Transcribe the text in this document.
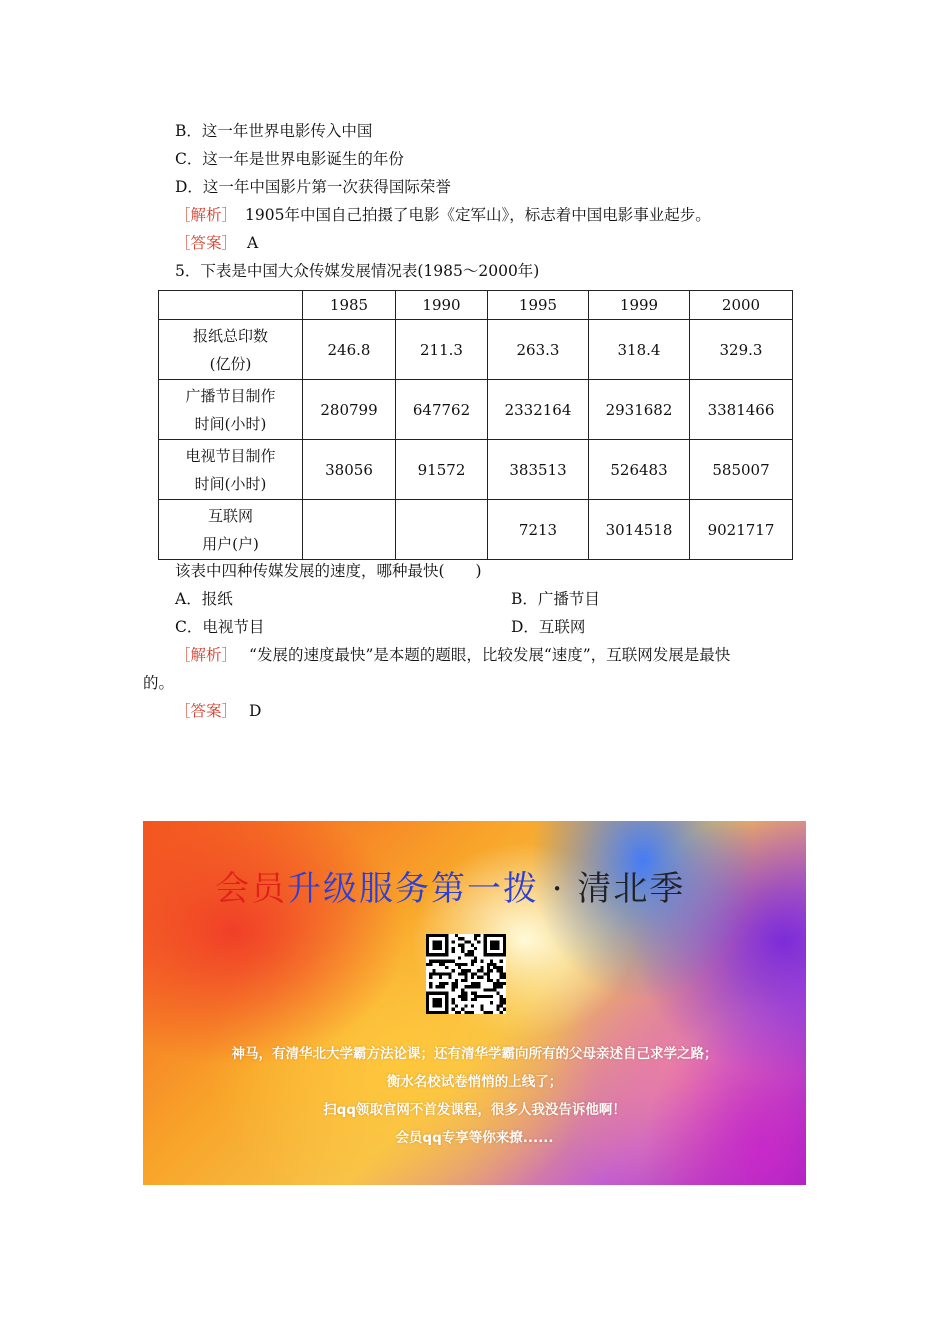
B．这一年世界电影传入中国
C．这一年是世界电影诞生的年份
D．这一年中国影片第一次获得国际荣誉
［解析］ 1905年中国自己拍摄了电影《定军山》，标志着中国电影事业起步。
［答案］ A
5．下表是中国大众传媒发展情况表(1985～2000年)
	1985	1990	1995	1999	2000

报纸总印数
(亿份)	246.8	211.3	263.3	318.4	329.3

广播节目制作
时间(小时)	280799	647762	2332164	2931682	3381466

电视节目制作
时间(小时)	38056	91572	383513	526483	585007

互联网
用户(户)			7213	3014518	9021717
该表中四种传媒发展的速度，哪种最快(　　)
A．报纸	B．广播节目
C．电视节目	D．互联网
［解析］ “发展的速度最快”是本题的题眼，比较发展“速度”，互联网发展是最快
的。
［答案］ D
会员升级服务第一拨 · 清北季
神马，有清华北大学霸方法论课；还有清华学霸向所有的父母亲述自己求学之路；
衡水名校试卷悄悄的上线了；
扫qq领取官网不首发课程，很多人我没告诉他啊！
会员qq专享等你来撩......
